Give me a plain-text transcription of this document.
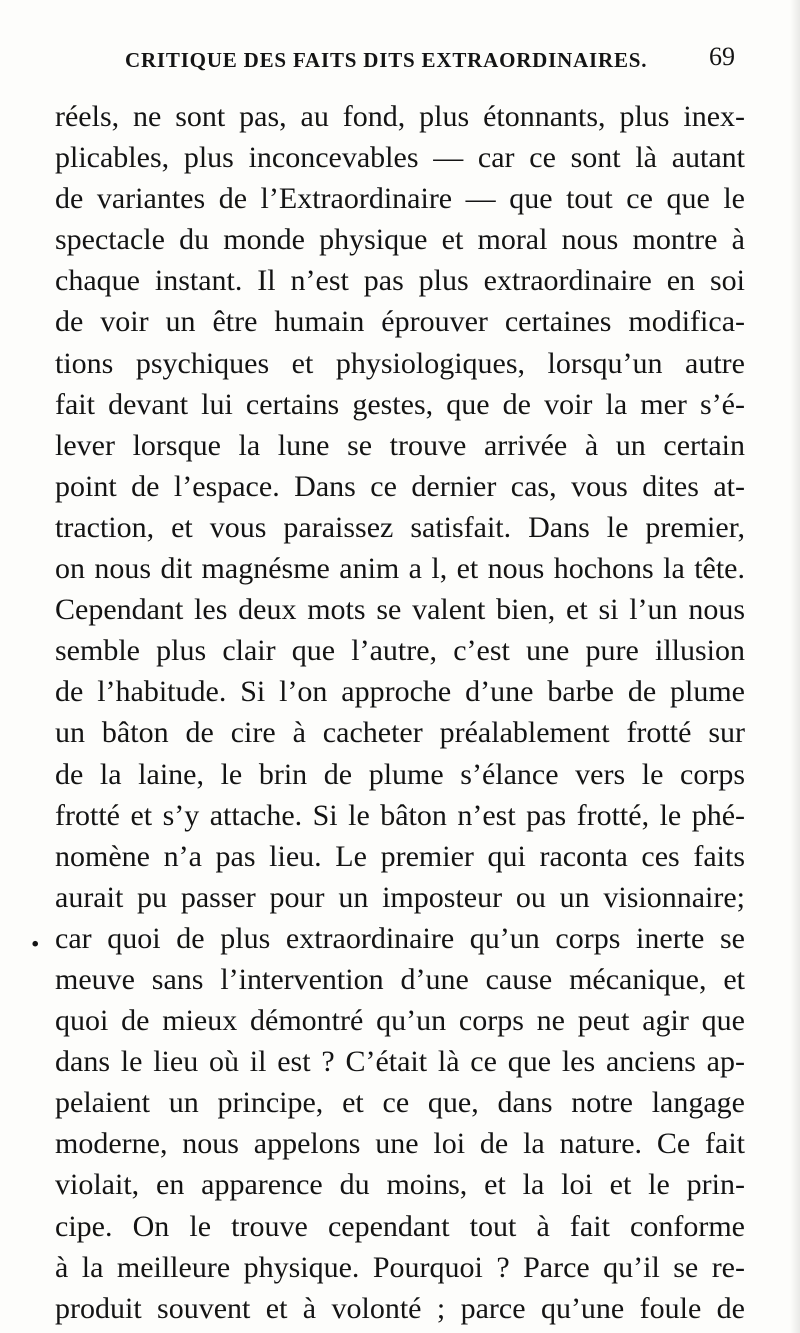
CRITIQUE DES FAITS DITS EXTRAORDINAIRES. 69
.
réels, ne sont pas, au fond, plus étonnants, plus inex-
plicables, plus inconcevables — car ce sont là autant
de variantes de l’Extraordinaire — que tout ce que le
spectacle du monde physique et moral nous montre à
chaque instant. Il n’est pas plus extraordinaire en soi
de voir un être humain éprouver certaines modifica-
tions psychiques et physiologiques, lorsqu’un autre
fait devant lui certains gestes, que de voir la mer s’é-
lever lorsque la lune se trouve arrivée à un certain
point de l’espace. Dans ce dernier cas, vous dites at-
traction, et vous paraissez satisfait. Dans le premier,
on nous dit magnésme anim a l, et nous hochons la tête.
Cependant les deux mots se valent bien, et si l’un nous
semble plus clair que l’autre, c’est une pure illusion
de l’habitude. Si l’on approche d’une barbe de plume
un bâton de cire à cacheter préalablement frotté sur
de la laine, le brin de plume s’élance vers le corps
frotté et s’y attache. Si le bâton n’est pas frotté, le phé-
nomène n’a pas lieu. Le premier qui raconta ces faits
aurait pu passer pour un imposteur ou un visionnaire;
car quoi de plus extraordinaire qu’un corps inerte se
meuve sans l’intervention d’une cause mécanique, et
quoi de mieux démontré qu’un corps ne peut agir que
dans le lieu où il est ? C’était là ce que les anciens ap-
pelaient un principe, et ce que, dans notre langage
moderne, nous appelons une loi de la nature. Ce fait
violait, en apparence du moins, et la loi et le prin-
cipe. On le trouve cependant tout à fait conforme
à la meilleure physique. Pourquoi ? Parce qu’il se re-
produit souvent et à volonté ; parce qu’une foule de
